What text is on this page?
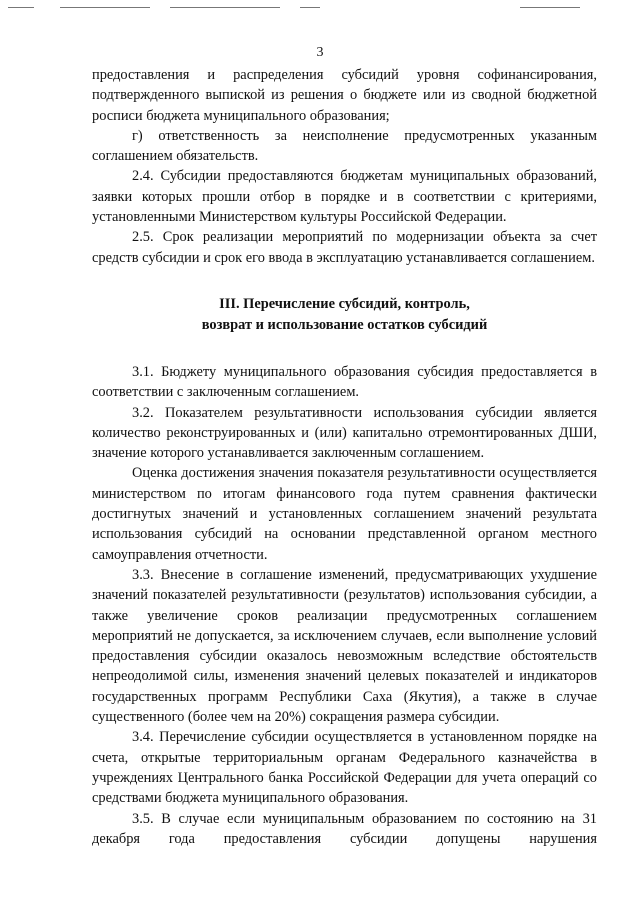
3

предоставления и распределения субсидий уровня софинансирования, подтвержденного выпиской из решения о бюджете или из сводной бюджетной росписи бюджета муниципального образования;

г) ответственность за неисполнение предусмотренных указанным соглашением обязательств.

2.4. Субсидии предоставляются бюджетам муниципальных образований, заявки которых прошли отбор в порядке и в соответствии с критериями, установленными Министерством культуры Российской Федерации.

2.5. Срок реализации мероприятий по модернизации объекта за счет средств субсидии и срок его ввода в эксплуатацию устанавливается соглашением.

III. Перечисление субсидий, контроль,
возврат и использование остатков субсидий

3.1. Бюджету муниципального образования субсидия предоставляется в соответствии с заключенным соглашением.

3.2. Показателем результативности использования субсидии является количество реконструированных и (или) капитально отремонтированных ДШИ, значение которого устанавливается заключенным соглашением.

Оценка достижения значения показателя результативности осуществляется министерством по итогам финансового года путем сравнения фактически достигнутых значений и установленных соглашением значений результата использования субсидий на основании представленной органом местного самоуправления отчетности.

3.3. Внесение в соглашение изменений, предусматривающих ухудшение значений показателей результативности (результатов) использования субсидии, а также увеличение сроков реализации предусмотренных соглашением мероприятий не допускается, за исключением случаев, если выполнение условий предоставления субсидии оказалось невозможным вследствие обстоятельств непреодолимой силы, изменения значений целевых показателей и индикаторов государственных программ Республики Саха (Якутия), а также в случае существенного (более чем на 20%) сокращения размера субсидии.

3.4. Перечисление субсидии осуществляется в установленном порядке на счета, открытые территориальным органам Федерального казначейства в учреждениях Центрального банка Российской Федерации для учета операций со средствами бюджета муниципального образования.

3.5. В случае если муниципальным образованием по состоянию на 31 декабря года предоставления субсидии допущены нарушения
